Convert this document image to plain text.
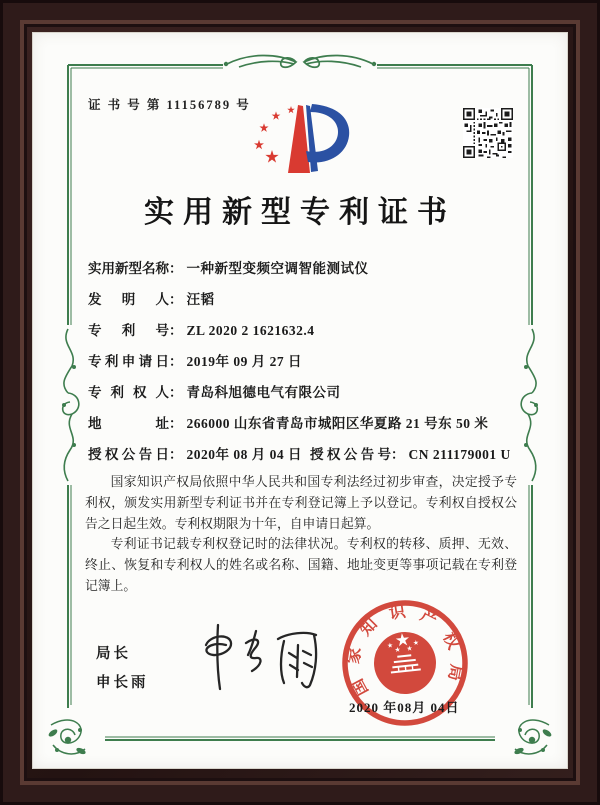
证 书 号 第 11156789 号
实用新型专利证书
实用新型名称： 一种新型变频空调智能测试仪
发明人： 汪韬
专利号： ZL 2020 2 1621632.4
专利申请日： 2019年 09 月 27 日
专利权人： 青岛科旭德电气有限公司
地址： 266000 山东省青岛市城阳区华夏路 21 号东 50 米
授权公告日： 2020年 08 月 04 日 授权公告号： CN 211179001 U

国家知识产权局依照中华人民共和国专利法经过初步审查，决定授予专利权，颁发实用新型专利证书并在专利登记簿上予以登记。专利权自授权公告之日起生效。专利权期限为十年，自申请日起算。

专利证书记载专利权登记时的法律状况。专利权的转移、质押、无效、终止、恢复和专利权人的姓名或名称、国籍、地址变更等事项记载在专利登记簿上。

局长
申长雨	国家知识产权局
2020 年08月 04日
